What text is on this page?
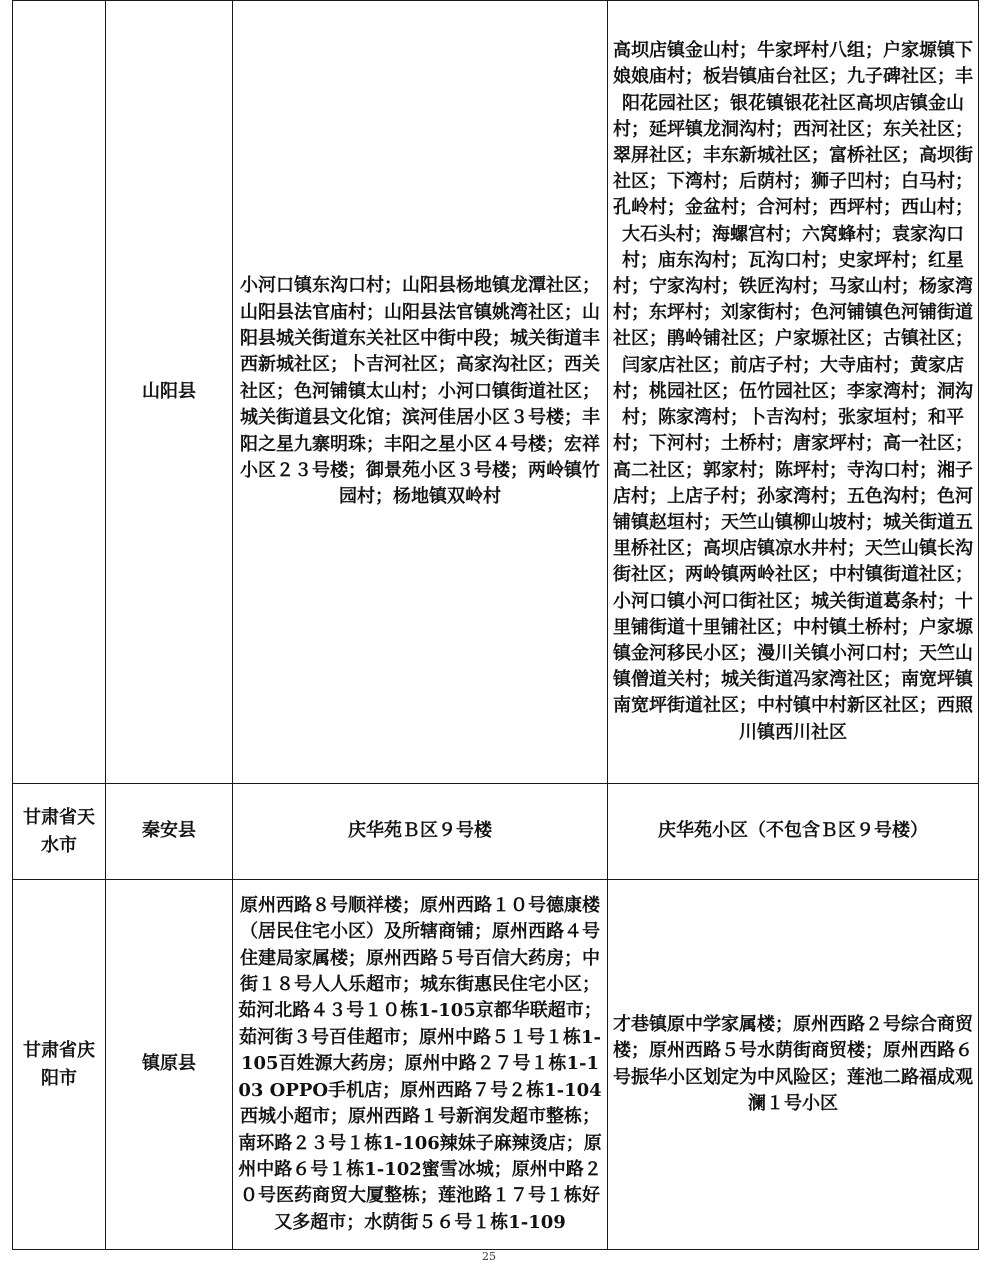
	山阳县	小河口镇东沟口村；山阳县杨地镇龙潭社区；山阳县法官庙村；山阳县法官镇姚湾社区；山阳县城关街道东关社区中街中段；城关街道丰西新城社区；卜吉河社区；高家沟社区；西关社区；色河铺镇太山村；小河口镇街道社区；城关街道县文化馆；滨河佳居小区３号楼；丰阳之星九寨明珠；丰阳之星小区４号楼；宏祥小区２３号楼；御景苑小区３号楼；两岭镇竹园村；杨地镇双岭村	高坝店镇金山村；牛家坪村八组；户家塬镇下娘娘庙村；板岩镇庙台社区；九子碑社区；丰阳花园社区；银花镇银花社区高坝店镇金山村；延坪镇龙洞沟村；西河社区；东关社区；翠屏社区；丰东新城社区；富桥社区；高坝街社区；下湾村；后荫村；狮子凹村；白马村；孔岭村；金盆村；合河村；西坪村；西山村；大石头村；海螺宫村；六窝蜂村；袁家沟口村；庙东沟村；瓦沟口村；史家坪村；红星村；宁家沟村；铁匠沟村；马家山村；杨家湾村；东坪村；刘家街村；色河铺镇色河铺街道社区；鹃岭铺社区；户家塬社区；古镇社区；闫家店社区；前店子村；大寺庙村；黄家店村；桃园社区；伍竹园社区；李家湾村；洞沟村；陈家湾村；卜吉沟村；张家垣村；和平村；下河村；土桥村；唐家坪村；高一社区；高二社区；郭家村；陈坪村；寺沟口村；湘子店村；上店子村；孙家湾村；五色沟村；色河铺镇赵垣村；天竺山镇柳山坡村；城关街道五里桥社区；高坝店镇凉水井村；天竺山镇长沟街社区；两岭镇两岭社区；中村镇街道社区；小河口镇小河口街社区；城关街道葛条村；十里铺街道十里铺社区；中村镇土桥村；户家塬镇金河移民小区；漫川关镇小河口村；天竺山镇僧道关村；城关街道冯家湾社区；南宽坪镇南宽坪街道社区；中村镇中村新区社区；西照川镇西川社区

甘肃省天水市	秦安县	庆华苑Ｂ区９号楼	庆华苑小区（不包含Ｂ区９号楼）

甘肃省庆阳市	镇原县	原州西路８号顺祥楼；原州西路１０号德康楼（居民住宅小区）及所辖商铺；原州西路４号住建局家属楼；原州西路５号百信大药房；中街１８号人人乐超市；城东街惠民住宅小区；茹河北路４３号１０栋1-105京都华联超市；茹河街３号百佳超市；原州中路５１号１栋1-105百姓源大药房；原州中路２７号１栋1-103 OPPO手机店；原州西路７号２栋1-104西城小超市；原州西路１号新润发超市整栋；南环路２３号１栋1-106辣妹子麻辣烫店；原州中路６号１栋1-102蜜雪冰城；原州中路２０号医药商贸大厦整栋；莲池路１７号１栋好又多超市；水荫街５６号１栋1-109	才巷镇原中学家属楼；原州西路２号综合商贸楼；原州西路５号水荫街商贸楼；原州西路６号振华小区划定为中风险区；莲池二路福成观澜１号小区
25
